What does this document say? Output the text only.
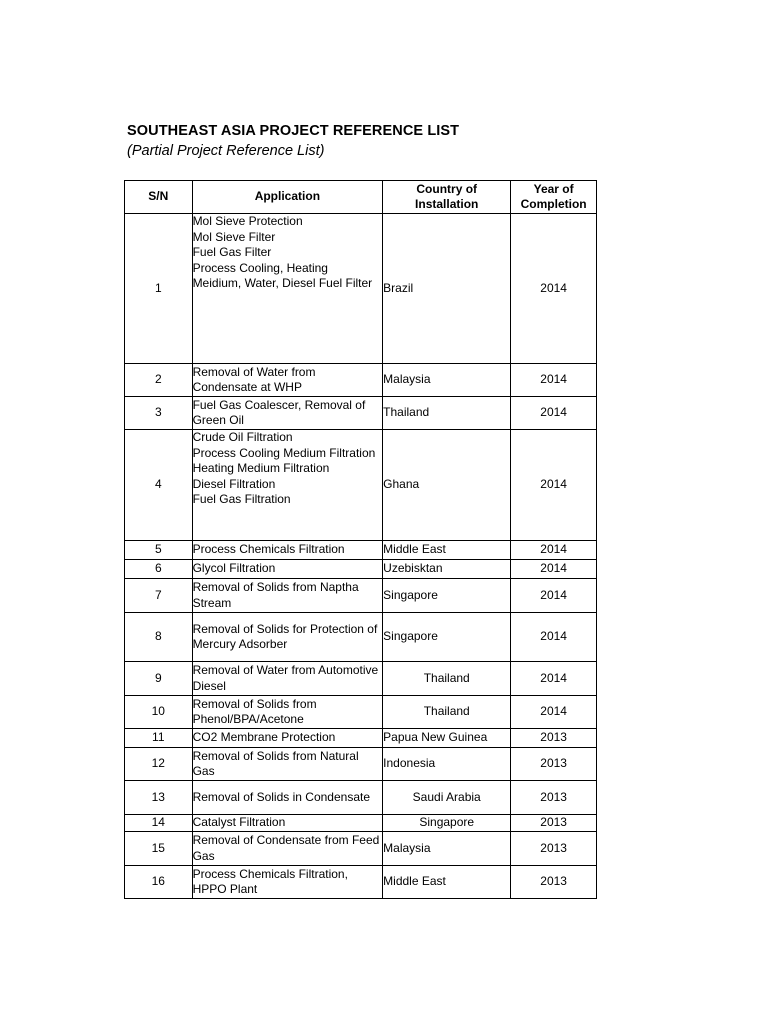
SOUTHEAST ASIA PROJECT REFERENCE LIST
(Partial Project Reference List)
S/N	Application	Country of Installation	Year of Completion

1	Mol Sieve Protection
Mol Sieve Filter
Fuel Gas Filter
Process Cooling, Heating
Meidium, Water, Diesel Fuel Filter	Brazil	2014
2	Removal of Water from
Condensate at WHP	Malaysia	2014
3	Fuel Gas Coalescer, Removal of
Green Oil	Thailand	2014
4	Crude Oil Filtration
Process Cooling Medium Filtration
Heating Medium Filtration
Diesel Filtration
Fuel Gas Filtration	Ghana	2014
5	Process Chemicals Filtration	Middle East	2014
6	Glycol Filtration	Uzebisktan	2014
7	Removal of Solids from Naptha
Stream	Singapore	2014
8	Removal of Solids for Protection of
Mercury Adsorber	Singapore	2014
9	Removal of Water from Automotive
Diesel	Thailand	2014
10	Removal of Solids from
Phenol/BPA/Acetone	Thailand	2014
11	CO2 Membrane Protection	Papua New Guinea	2013
12	Removal of Solids from Natural
Gas	Indonesia	2013
13	Removal of Solids in Condensate	Saudi Arabia	2013
14	Catalyst Filtration	Singapore	2013
15	Removal of Condensate from Feed
Gas	Malaysia	2013
16	Process Chemicals Filtration,
HPPO Plant	Middle East	2013
